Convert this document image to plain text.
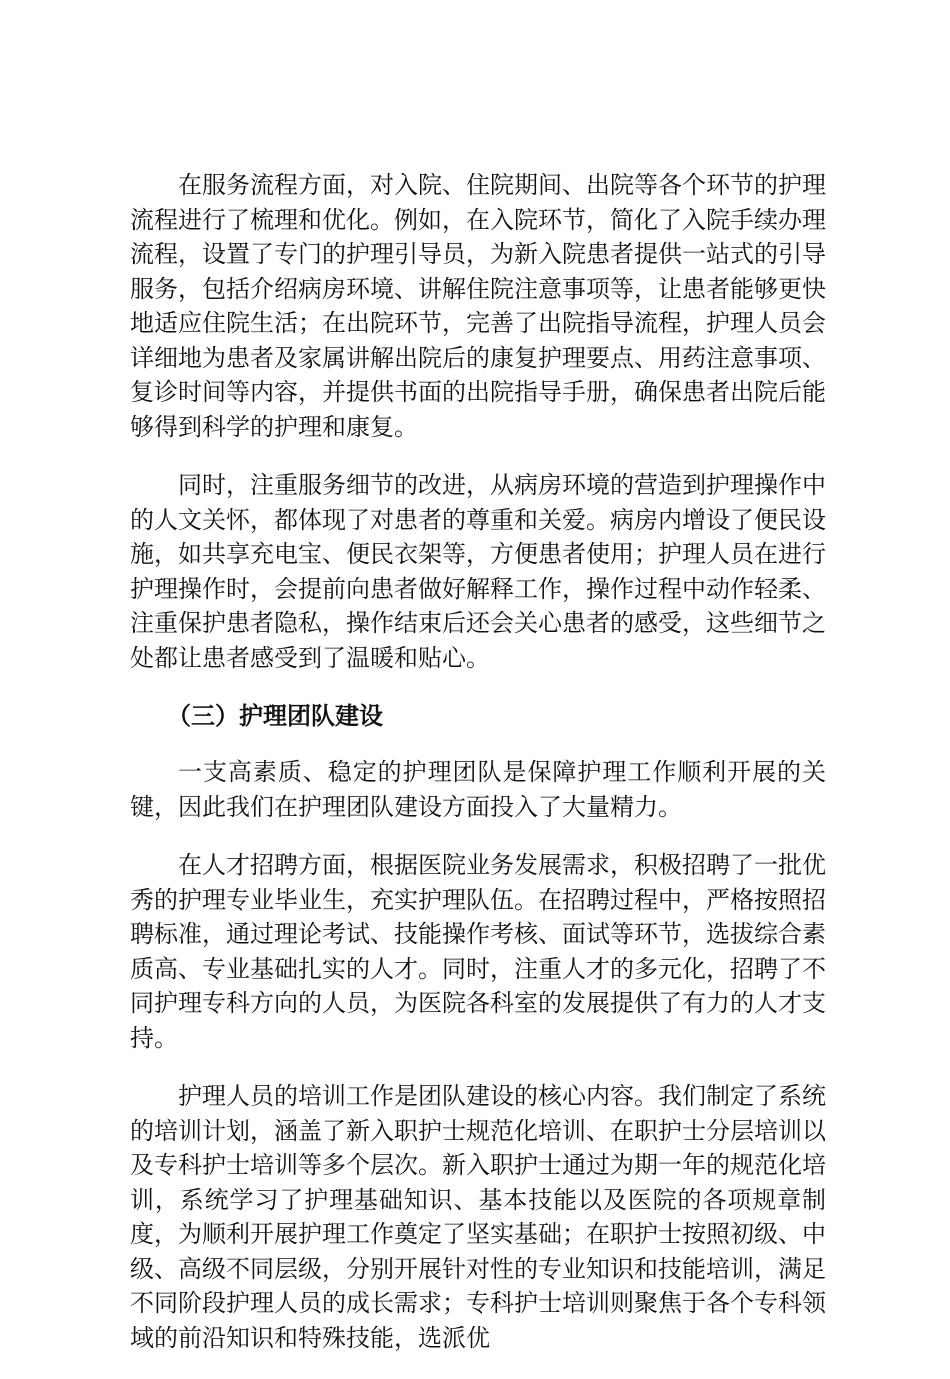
在服务流程方面，对入院、住院期间、出院等各个环节的护理流程进行了梳理和优化。例如，在入院环节，简化了入院手续办理流程，设置了专门的护理引导员，为新入院患者提供一站式的引导服务，包括介绍病房环境、讲解住院注意事项等，让患者能够更快地适应住院生活；在出院环节，完善了出院指导流程，护理人员会详细地为患者及家属讲解出院后的康复护理要点、用药注意事项、复诊时间等内容，并提供书面的出院指导手册，确保患者出院后能够得到科学的护理和康复。

同时，注重服务细节的改进，从病房环境的营造到护理操作中的人文关怀，都体现了对患者的尊重和关爱。病房内增设了便民设施，如共享充电宝、便民衣架等，方便患者使用；护理人员在进行护理操作时，会提前向患者做好解释工作，操作过程中动作轻柔、注重保护患者隐私，操作结束后还会关心患者的感受，这些细节之处都让患者感受到了温暖和贴心。

（三）护理团队建设

一支高素质、稳定的护理团队是保障护理工作顺利开展的关键，因此我们在护理团队建设方面投入了大量精力。

在人才招聘方面，根据医院业务发展需求，积极招聘了一批优秀的护理专业毕业生，充实护理队伍。在招聘过程中，严格按照招聘标准，通过理论考试、技能操作考核、面试等环节，选拔综合素质高、专业基础扎实的人才。同时，注重人才的多元化，招聘了不同护理专科方向的人员，为医院各科室的发展提供了有力的人才支持。

护理人员的培训工作是团队建设的核心内容。我们制定了系统的培训计划，涵盖了新入职护士规范化培训、在职护士分层培训以及专科护士培训等多个层次。新入职护士通过为期一年的规范化培训，系统学习了护理基础知识、基本技能以及医院的各项规章制度，为顺利开展护理工作奠定了坚实基础；在职护士按照初级、中级、高级不同层级，分别开展针对性的专业知识和技能培训，满足不同阶段护理人员的成长需求；专科护士培训则聚焦于各个专科领域的前沿知识和特殊技能，选派优
